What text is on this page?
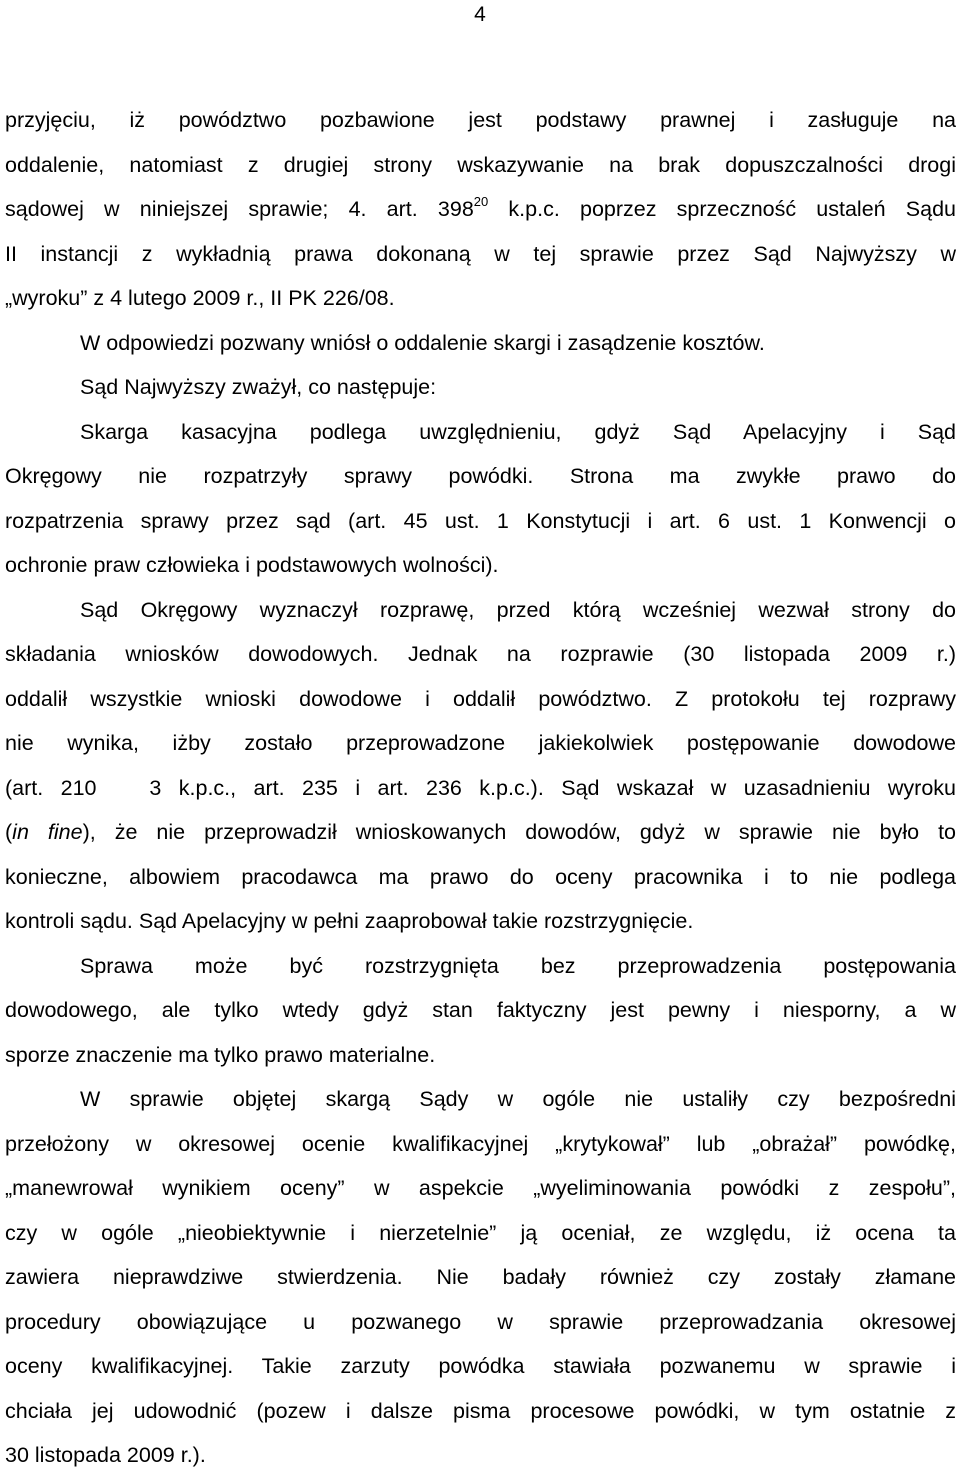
4
przyjęciu, iż powództwo pozbawione jest podstawy prawnej i zasługuje na
oddalenie, natomiast z drugiej strony wskazywanie na brak dopuszczalności drogi
sądowej w niniejszej sprawie; 4. art. $398^{20}$ k.p.c. poprzez sprzeczność ustaleń Sądu
II instancji z wykładnią prawa dokonaną w tej sprawie przez Sąd Najwyższy w
„wyroku” z 4 lutego 2009 r., II PK 226/08.
W odpowiedzi pozwany wniósł o oddalenie skargi i zasądzenie kosztów.
Sąd Najwyższy zważył, co następuje:
Skarga kasacyjna podlega uwzględnieniu, gdyż Sąd Apelacyjny i Sąd
Okręgowy nie rozpatrzyły sprawy powódki. Strona ma zwykłe prawo do
rozpatrzenia sprawy przez sąd (art. 45 ust. 1 Konstytucji i art. 6 ust. 1 Konwencji o
ochronie praw człowieka i podstawowych wolności).
Sąd Okręgowy wyznaczył rozprawę, przed którą wcześniej wezwał strony do
składania wniosków dowodowych. Jednak na rozprawie (30 listopada 2009 r.)
oddalił wszystkie wnioski dowodowe i oddalił powództwo. Z protokołu tej rozprawy
nie wynika, iżby zostało przeprowadzone jakiekolwiek postępowanie dowodowe
(art. 210  3 k.p.c., art. 235 i art. 236 k.p.c.). Sąd wskazał w uzasadnieniu wyroku
(in fine), że nie przeprowadził wnioskowanych dowodów, gdyż w sprawie nie było to
konieczne, albowiem pracodawca ma prawo do oceny pracownika i to nie podlega
kontroli sądu. Sąd Apelacyjny w pełni zaaprobował takie rozstrzygnięcie.
Sprawa może być rozstrzygnięta bez przeprowadzenia postępowania
dowodowego, ale tylko wtedy gdyż stan faktyczny jest pewny i niesporny, a w
sporze znaczenie ma tylko prawo materialne.
W sprawie objętej skargą Sądy w ogóle nie ustaliły czy bezpośredni
przełożony w okresowej ocenie kwalifikacyjnej „krytykował” lub „obrażał” powódkę,
„manewrował wynikiem oceny” w aspekcie „wyeliminowania powódki z zespołu”,
czy w ogóle „nieobiektywnie i nierzetelnie” ją oceniał, ze względu, iż ocena ta
zawiera nieprawdziwe stwierdzenia. Nie badały również czy zostały złamane
procedury obowiązujące u pozwanego w sprawie przeprowadzania okresowej
oceny kwalifikacyjnej. Takie zarzuty powódka stawiała pozwanemu w sprawie i
chciała jej udowodnić (pozew i dalsze pisma procesowe powódki, w tym ostatnie z
30 listopada 2009 r.).
